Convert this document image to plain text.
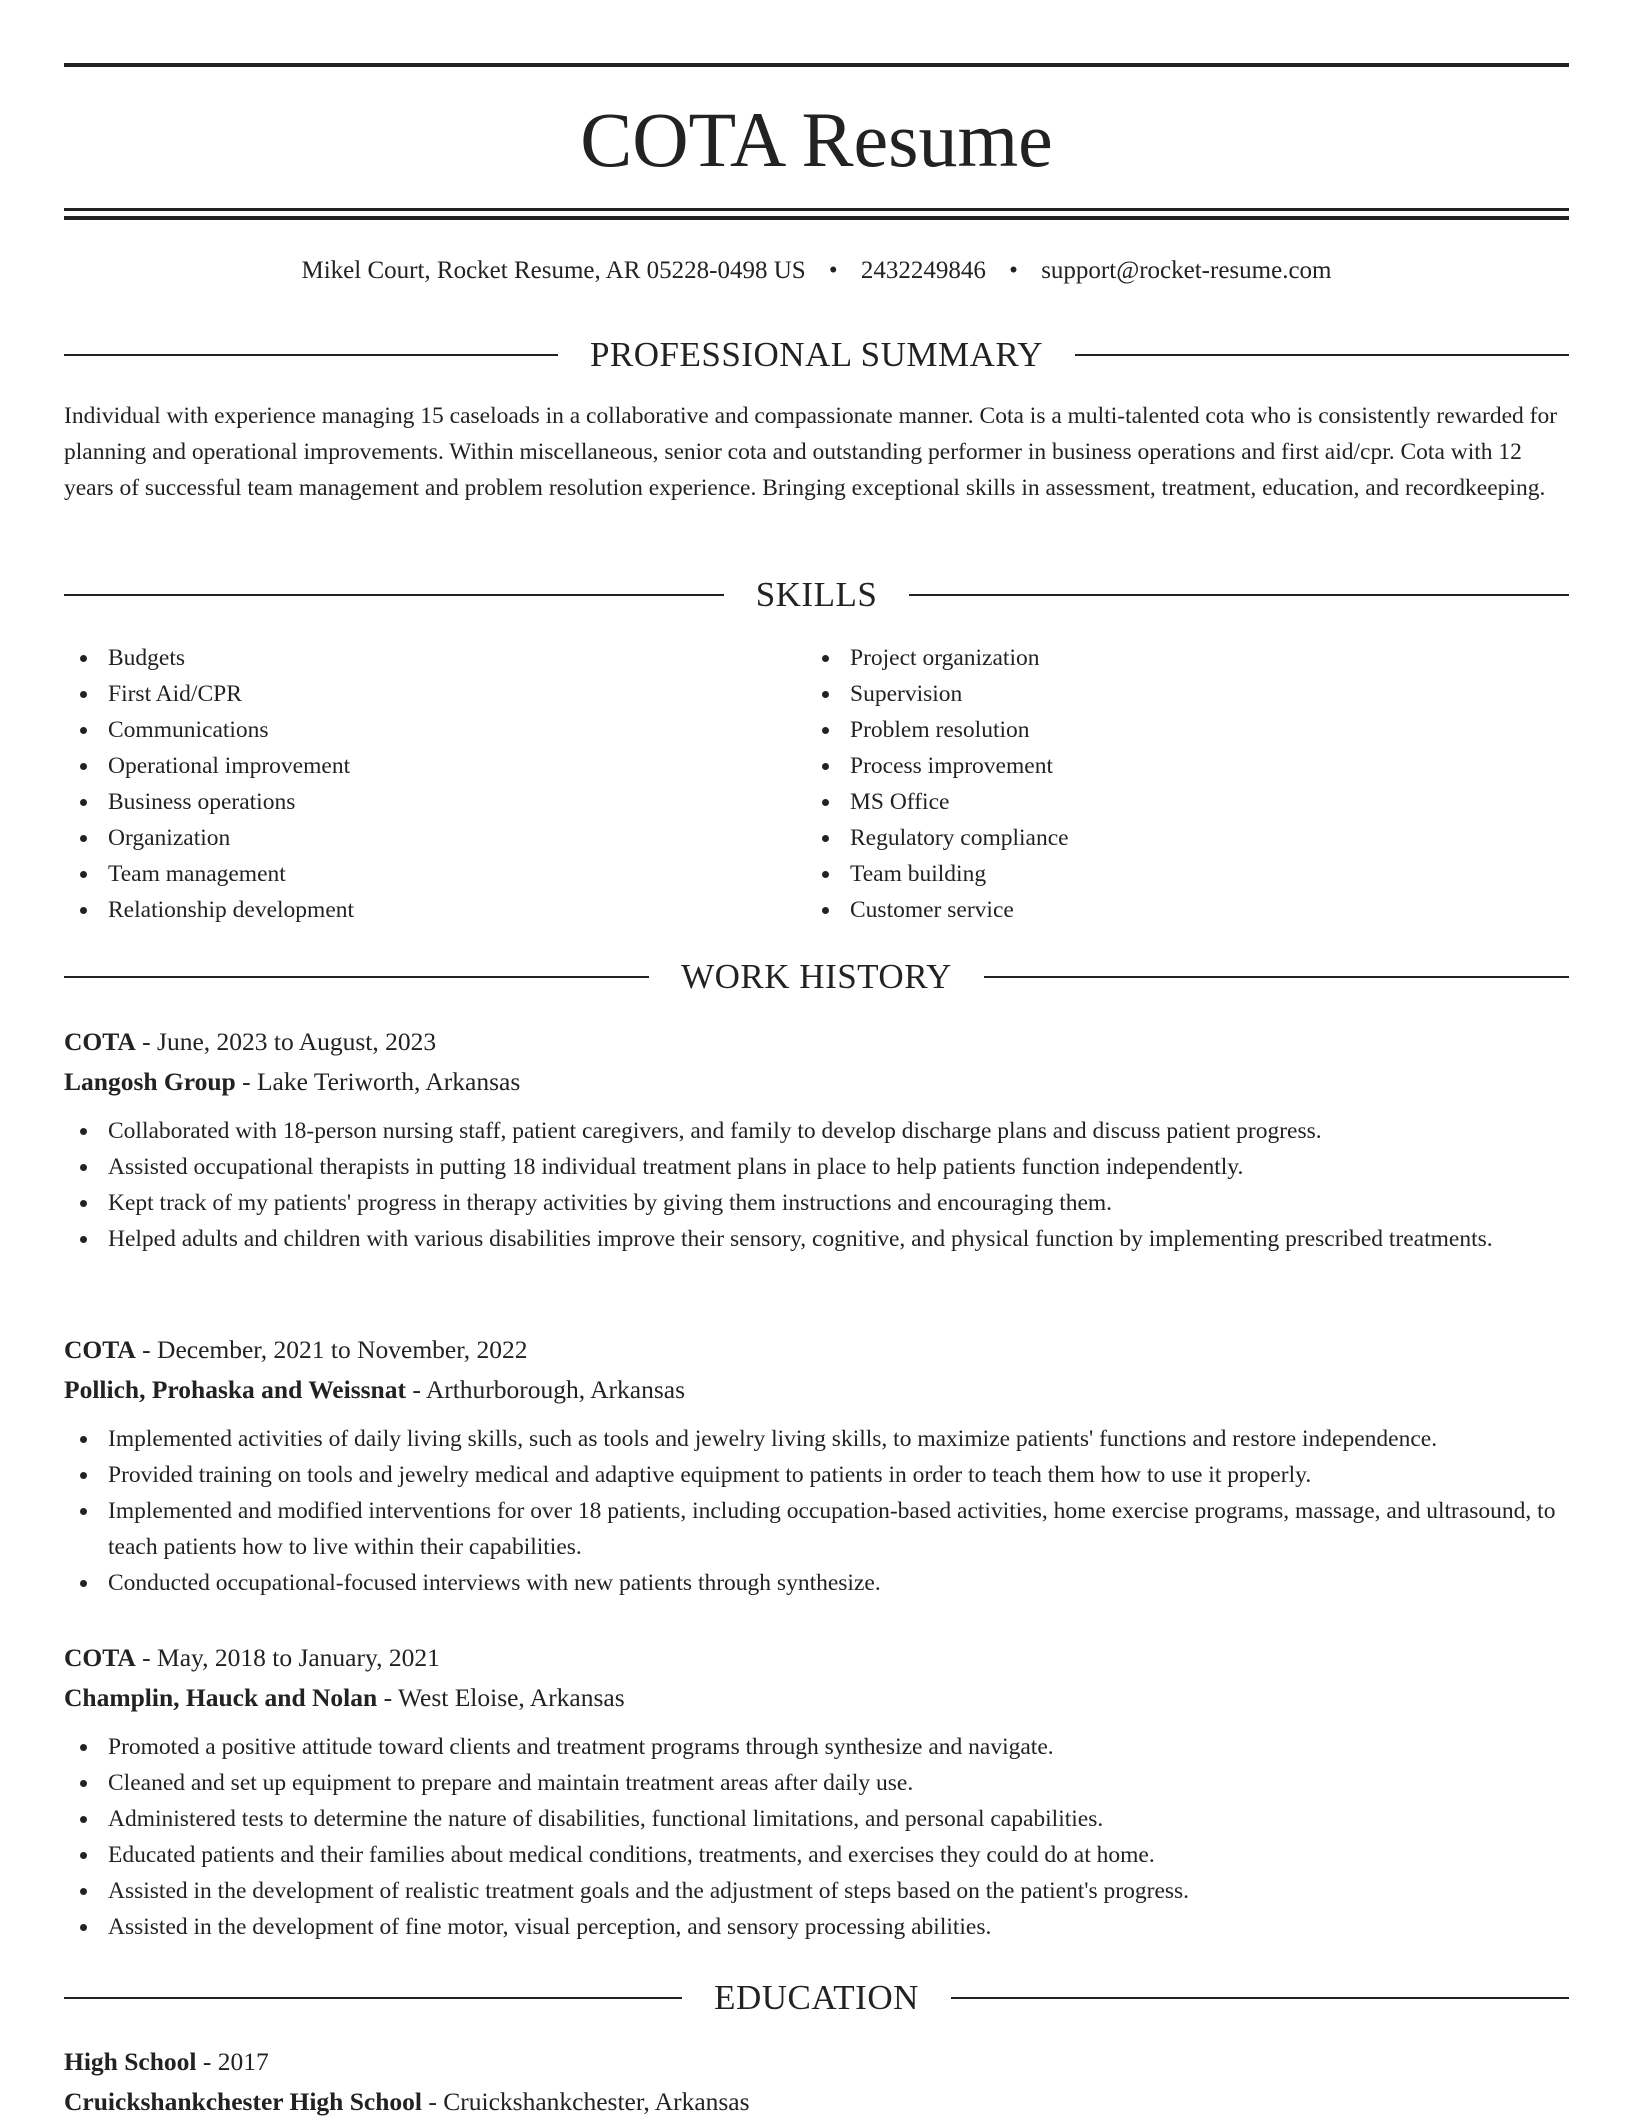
COTA Resume
Mikel Court, Rocket Resume, AR 05228-0498 US • 2432249846 • support@rocket-resume.com
PROFESSIONAL SUMMARY

Individual with experience managing 15 caseloads in a collaborative and compassionate manner. Cota is a multi-talented cota who is consistently rewarded for planning and operational improvements. Within miscellaneous, senior cota and outstanding performer in business operations and first aid/cpr. Cota with 12 years of successful team management and problem resolution experience. Bringing exceptional skills in assessment, treatment, education, and recordkeeping.

SKILLS
Budgets
First Aid/CPR
Communications
Operational improvement
Business operations
Organization
Team management
Relationship development
Project organization
Supervision
Problem resolution
Process improvement
MS Office
Regulatory compliance
Team building
Customer service
WORK HISTORY
COTA - June, 2023 to August, 2023
Langosh Group - Lake Teriworth, Arkansas
Collaborated with 18-person nursing staff, patient caregivers, and family to develop discharge plans and discuss patient progress.
Assisted occupational therapists in putting 18 individual treatment plans in place to help patients function independently.
Kept track of my patients' progress in therapy activities by giving them instructions and encouraging them.
Helped adults and children with various disabilities improve their sensory, cognitive, and physical function by implementing prescribed treatments.
COTA - December, 2021 to November, 2022
Pollich, Prohaska and Weissnat - Arthurborough, Arkansas
Implemented activities of daily living skills, such as tools and jewelry living skills, to maximize patients' functions and restore independence.
Provided training on tools and jewelry medical and adaptive equipment to patients in order to teach them how to use it properly.
Implemented and modified interventions for over 18 patients, including occupation-based activities, home exercise programs, massage, and ultrasound, to teach patients how to live within their capabilities.
Conducted occupational-focused interviews with new patients through synthesize.
COTA - May, 2018 to January, 2021
Champlin, Hauck and Nolan - West Eloise, Arkansas
Promoted a positive attitude toward clients and treatment programs through synthesize and navigate.
Cleaned and set up equipment to prepare and maintain treatment areas after daily use.
Administered tests to determine the nature of disabilities, functional limitations, and personal capabilities.
Educated patients and their families about medical conditions, treatments, and exercises they could do at home.
Assisted in the development of realistic treatment goals and the adjustment of steps based on the patient's progress.
Assisted in the development of fine motor, visual perception, and sensory processing abilities.
EDUCATION
High School - 2017
Cruickshankchester High School - Cruickshankchester, Arkansas
